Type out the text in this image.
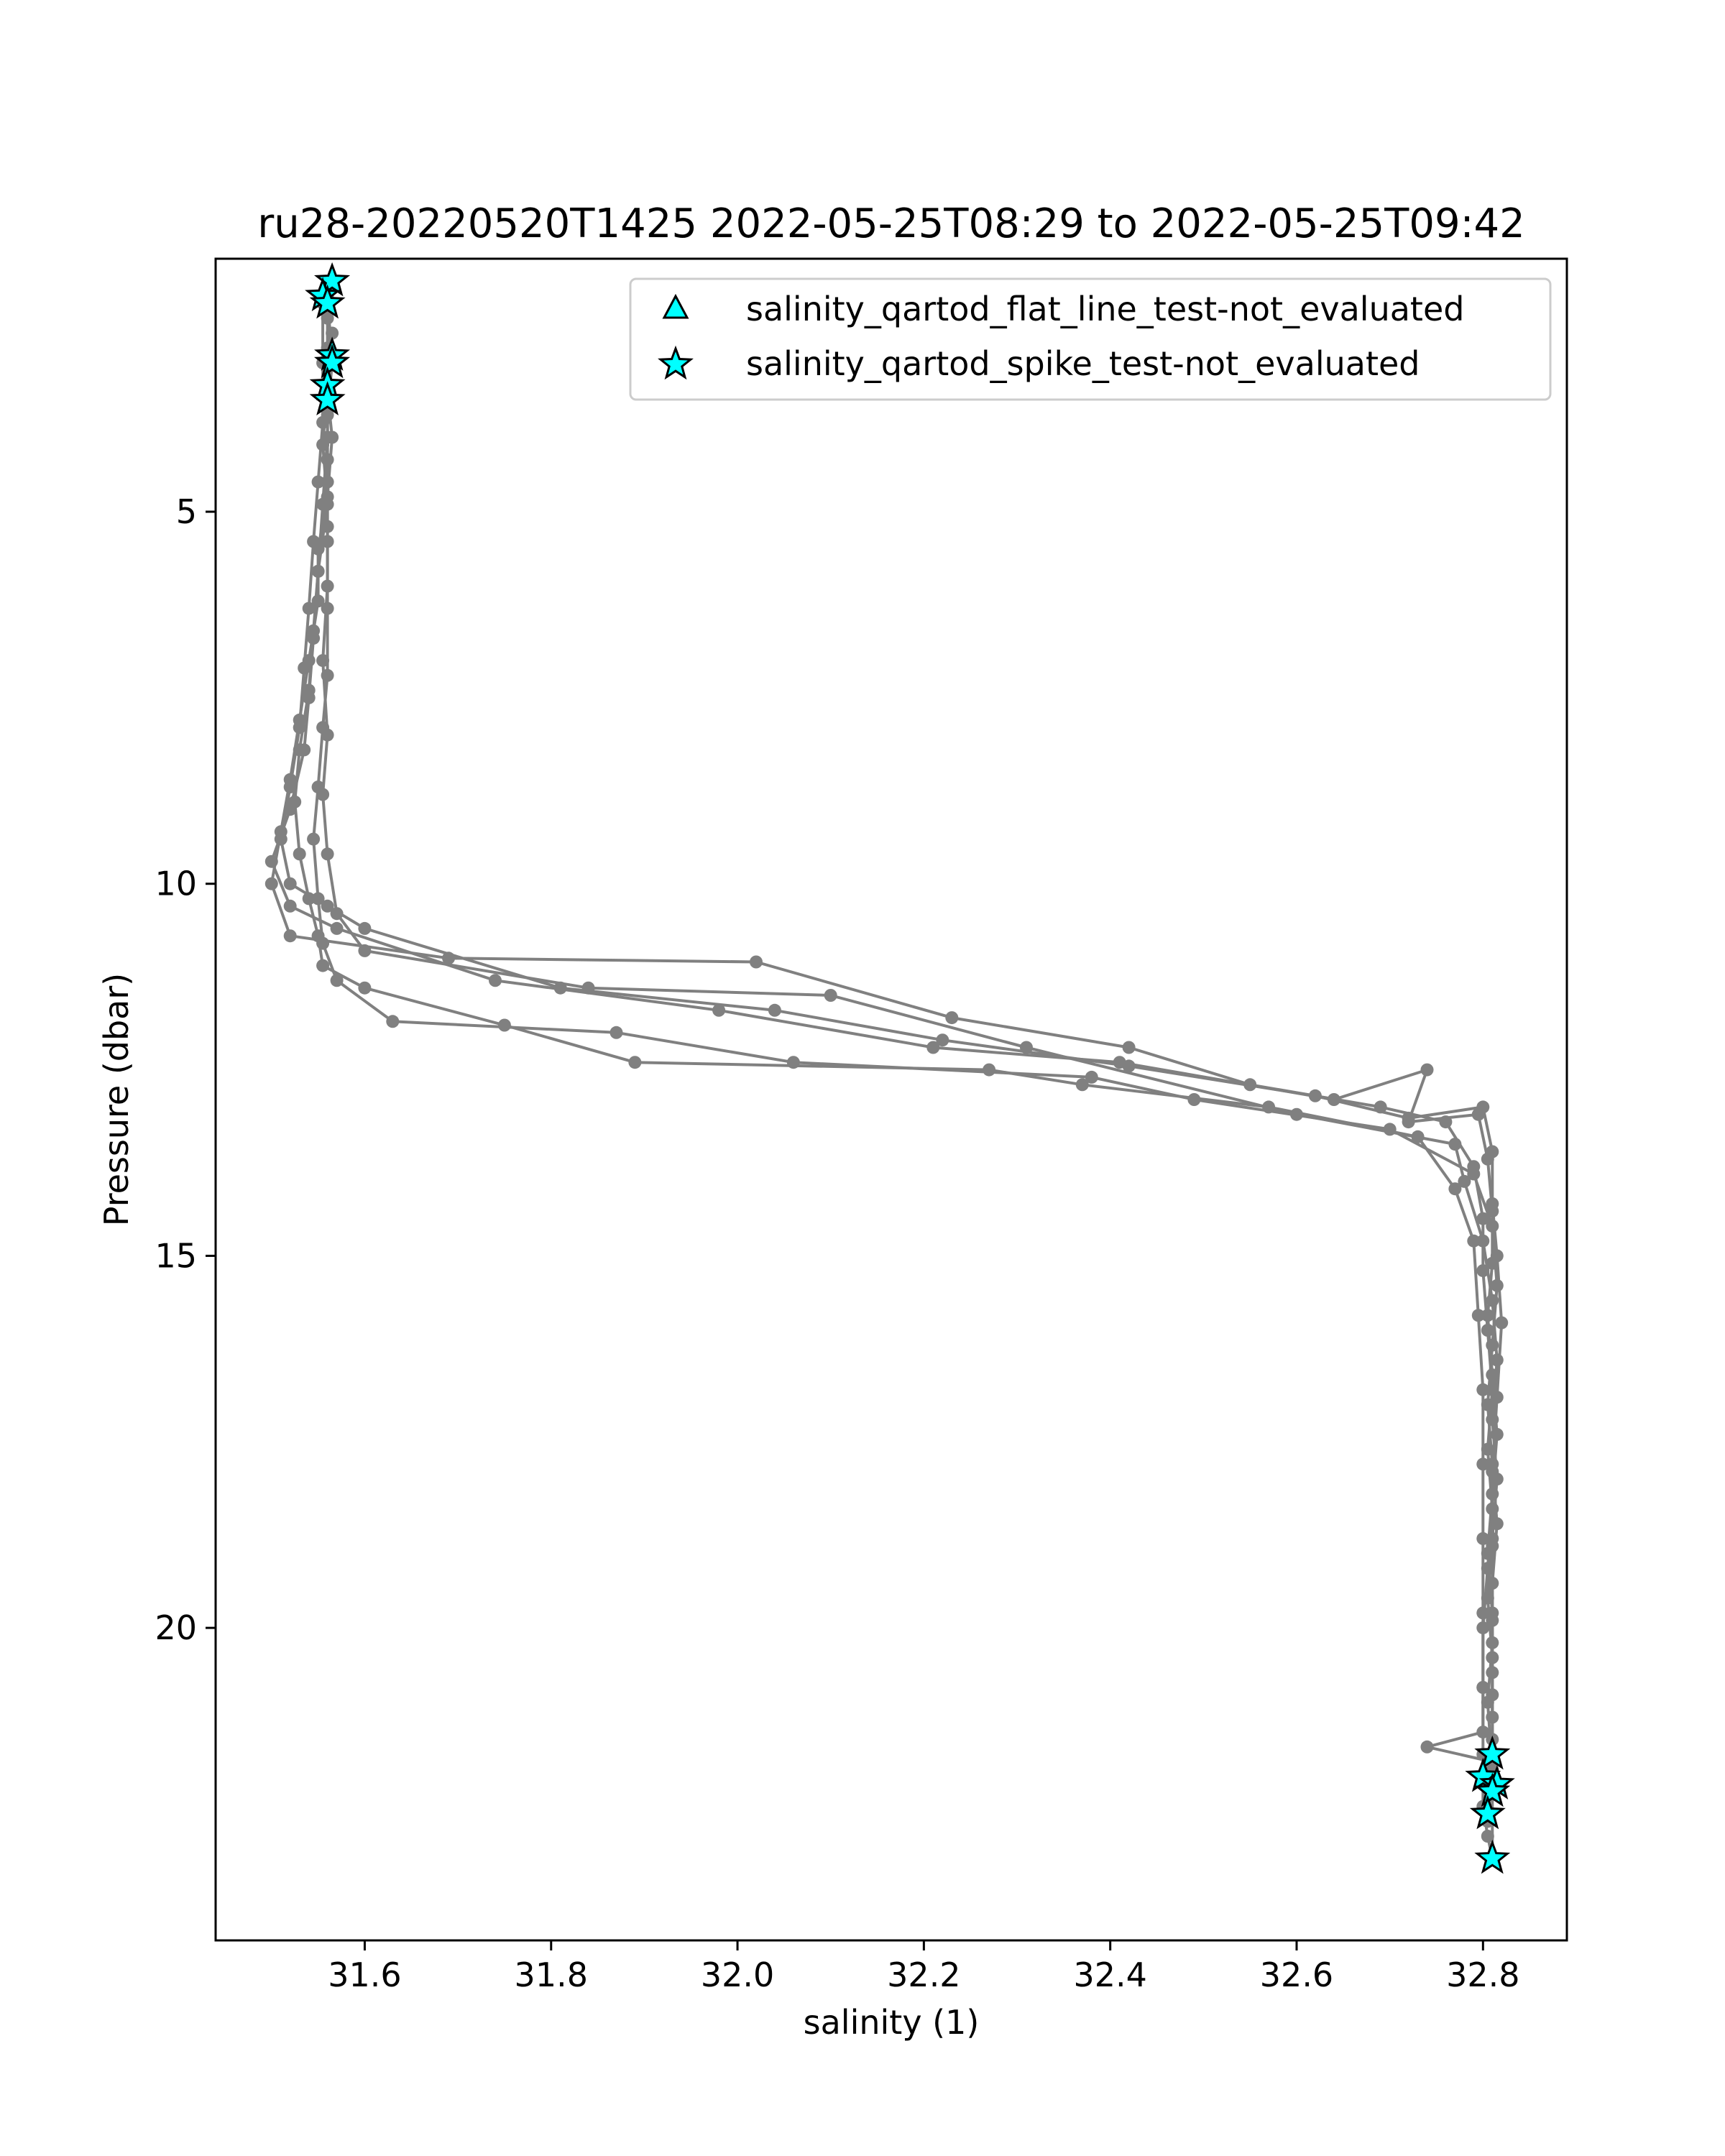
ru28-20220520T1425 2022-05-25T08:29 to 2022-05-25T09:42
31.6	31.8	32.0	32.2	32.4	32.6	32.8
5
10
15
20
salinity (1)
Pressure (dbar)
salinity_qartod_flat_line_test-not_evaluated
salinity_qartod_spike_test-not_evaluated
